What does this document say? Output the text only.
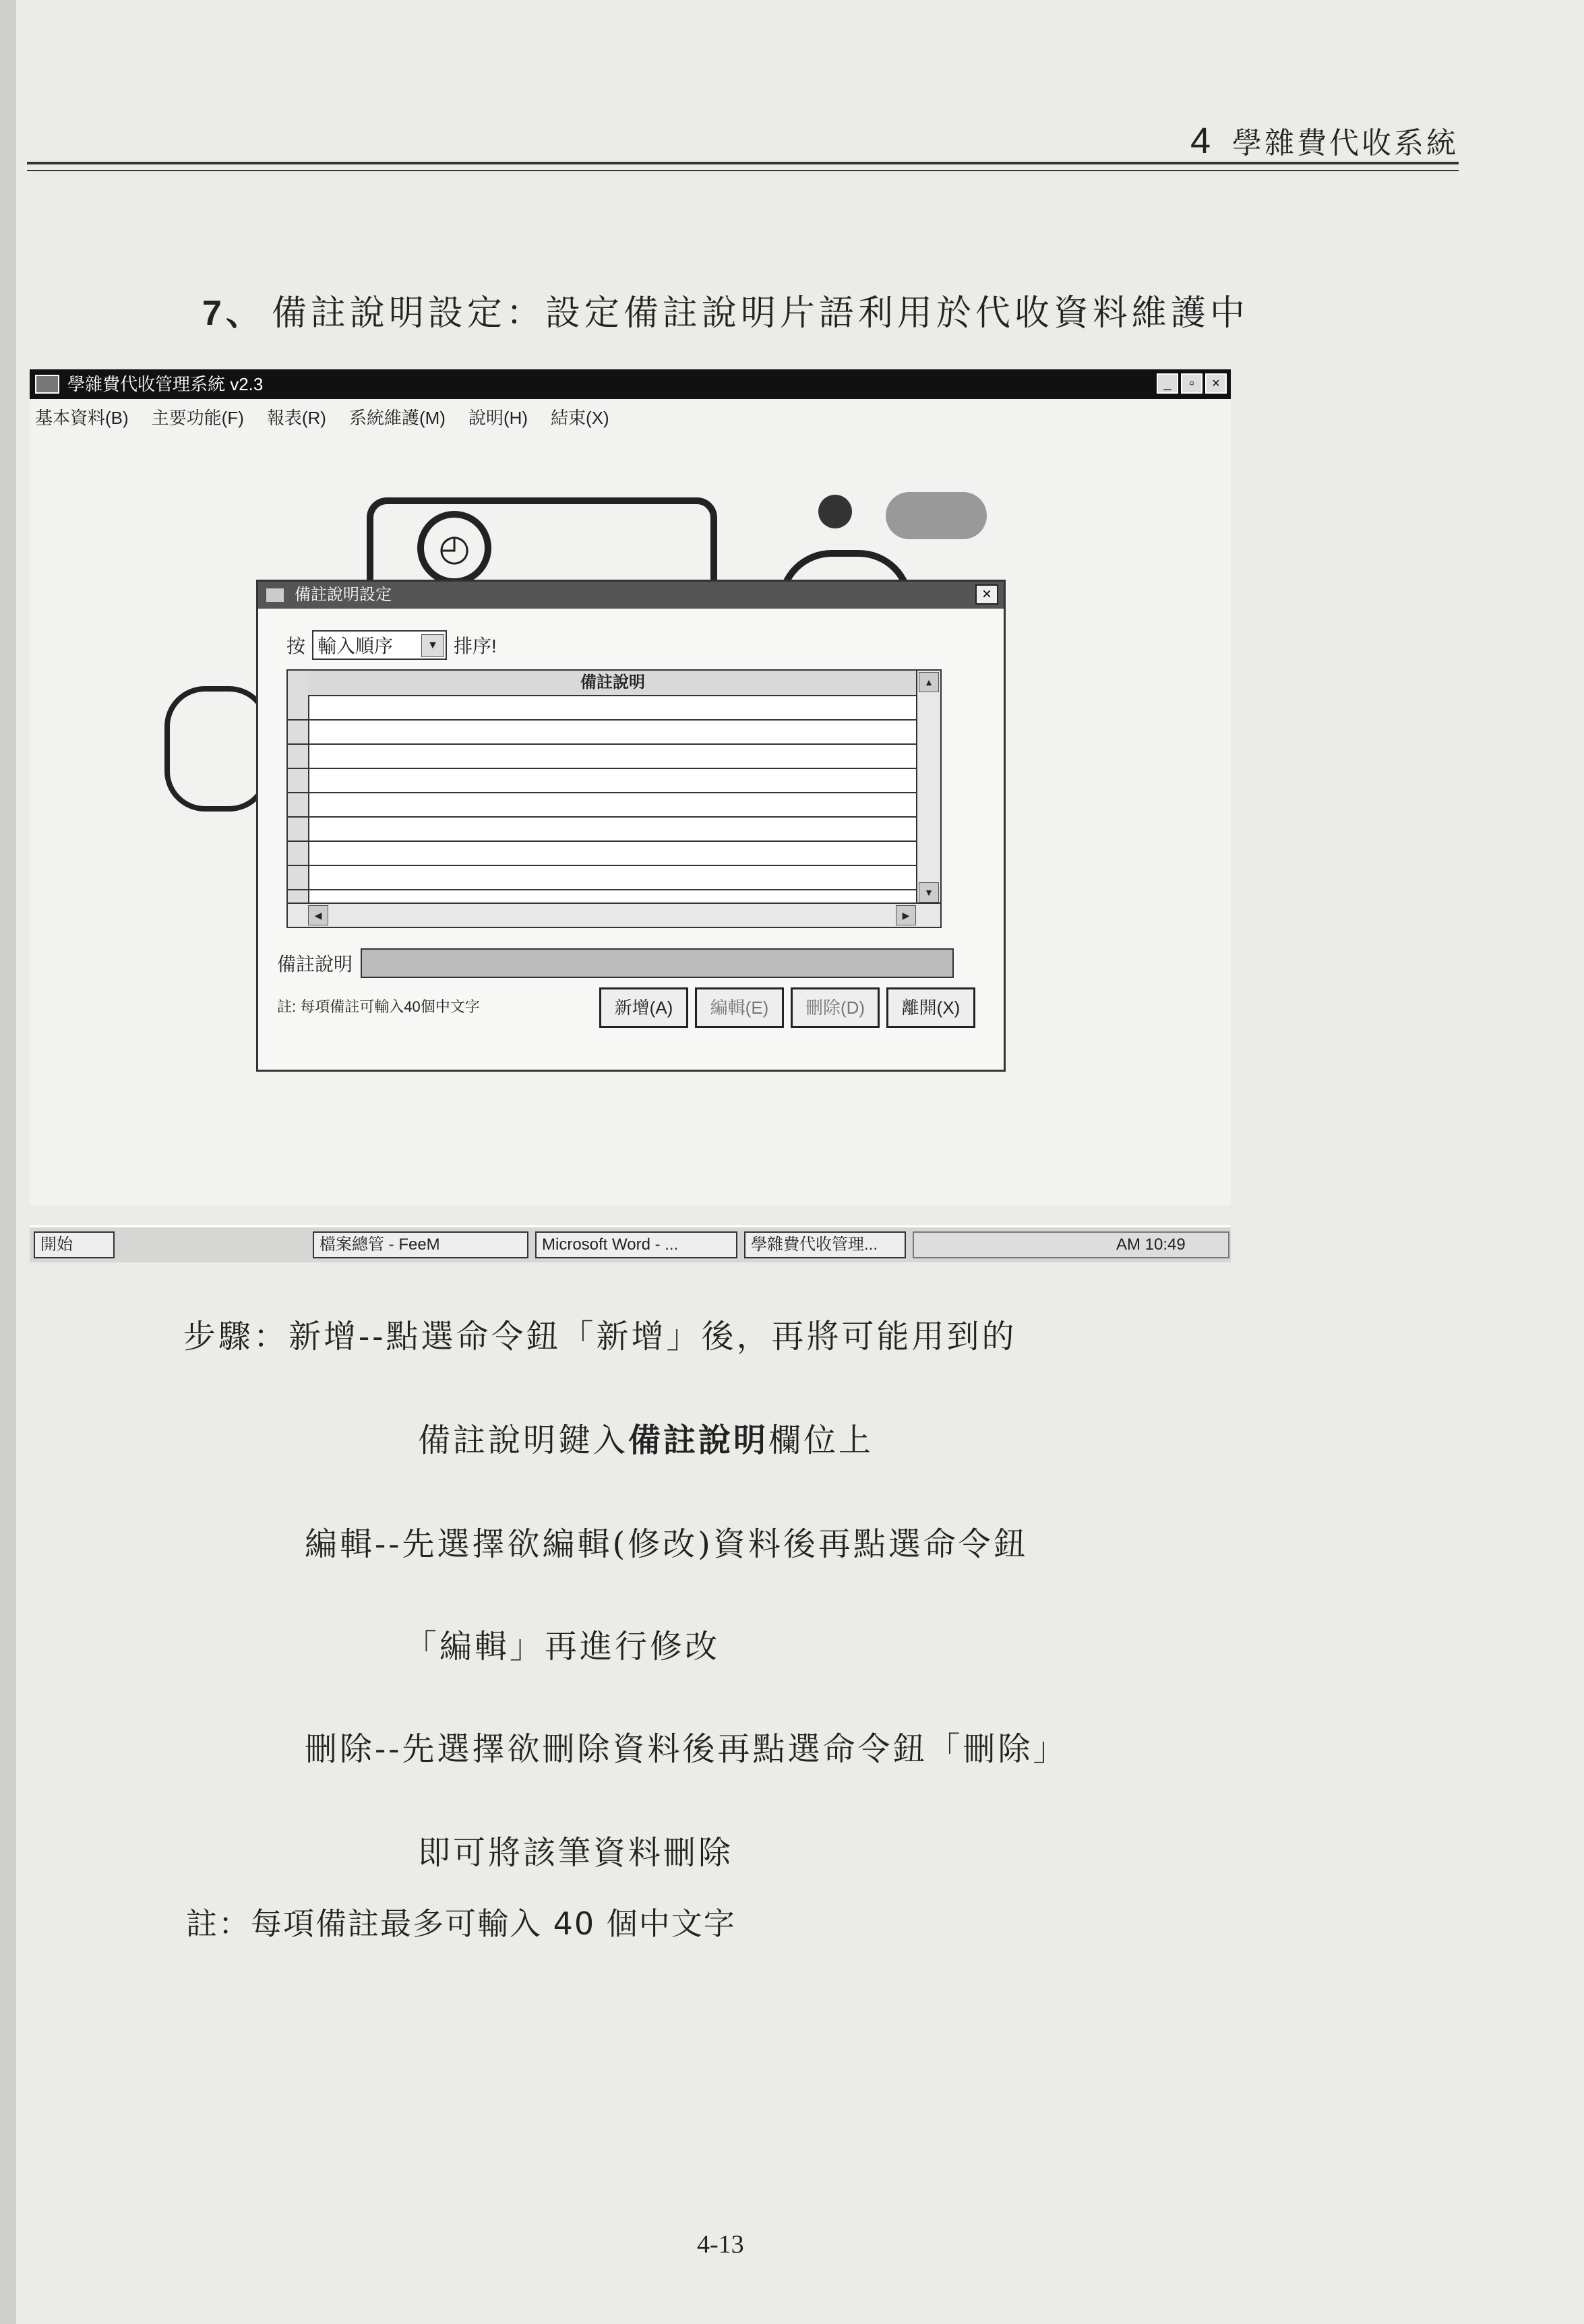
4 學雜費代收系統
7、 備註說明設定：設定備註說明片語利用於代收資料維護中
學雜費代收管理系統 v2.3	_	▫	×
基本資料(B) 主要功能(F) 報表(R) 系統維護(M) 說明(H) 結束(X)
◴
備註說明設定	×
按 輸入順序	▼ 排序!
備註說明	▲
▼
◀	▶
備註說明
註: 每項備註可輸入40個中文字	新增(A)	編輯(E)	刪除(D)	離開(X)
開始	檔案總管 - FeeM	Microsoft Word - ...	學雜費代收管理...	AM 10:49
步驟：新增--點選命令鈕「新增」後，再將可能用到的
備註說明鍵入備註說明欄位上
編輯--先選擇欲編輯(修改)資料後再點選命令鈕
「編輯」再進行修改
刪除--先選擇欲刪除資料後再點選命令鈕「刪除」
即可將該筆資料刪除
註：每項備註最多可輸入 40 個中文字
4-13
